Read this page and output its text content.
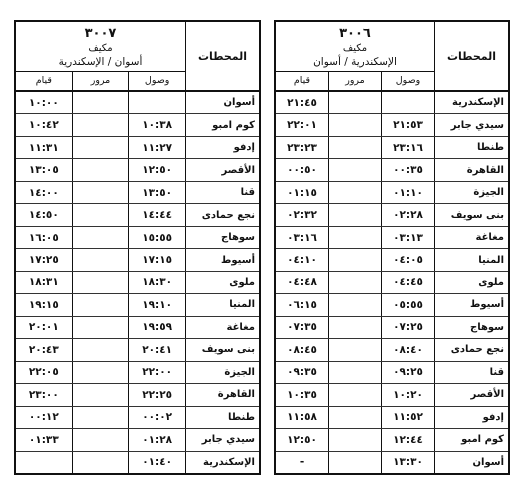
المحطات
٣٠٠٧
مكيف
أسوان / الإسكندرية
وصول
مرور
قيام
أسوان
١٠:٠٠
كوم امبو
١٠:٣٨
١٠:٤٢
إدفو
١١:٢٧
١١:٣١
الأقصر
١٢:٥٠
١٣:٠٥
قنا
١٣:٥٠
١٤:٠٠
نجع حمادى
١٤:٤٤
١٤:٥٠
سوهاج
١٥:٥٥
١٦:٠٥
أسيوط
١٧:١٥
١٧:٢٥
ملوى
١٨:٣٠
١٨:٣١
المنيا
١٩:١٠
١٩:١٥
مغاغة
١٩:٥٩
٢٠:٠١
بنى سويف
٢٠:٤١
٢٠:٤٣
الجيزة
٢٢:٠٠
٢٢:٠٥
القاهرة
٢٢:٢٥
٢٣:٠٠
طنطا
٠٠:٠٢
٠٠:١٢
سيدي جابر
٠١:٢٨
٠١:٣٣
الإسكندرية
٠١:٤٠
المحطات
٣٠٠٦
مكيف
الإسكندرية / أسوان
وصول
مرور
قيام
الإسكندرية
٢١:٤٥
سيدي جابر
٢١:٥٣
٢٢:٠١
طنطا
٢٣:١٦
٢٣:٢٣
القاهرة
٠٠:٣٥
٠٠:٥٠
الجيزة
٠١:١٠
٠١:١٥
بنى سويف
٠٢:٢٨
٠٢:٣٢
مغاغة
٠٣:١٣
٠٣:١٦
المنيا
٠٤:٠٥
٠٤:١٠
ملوى
٠٤:٤٥
٠٤:٤٨
أسيوط
٠٥:٥٥
٠٦:١٥
سوهاج
٠٧:٢٥
٠٧:٣٥
نجع حمادى
٠٨:٤٠
٠٨:٤٥
قنا
٠٩:٢٥
٠٩:٣٥
الأقصر
١٠:٢٠
١٠:٣٥
إدفو
١١:٥٢
١١:٥٨
كوم امبو
١٢:٤٤
١٢:٥٠
أسوان
١٣:٣٠
-
